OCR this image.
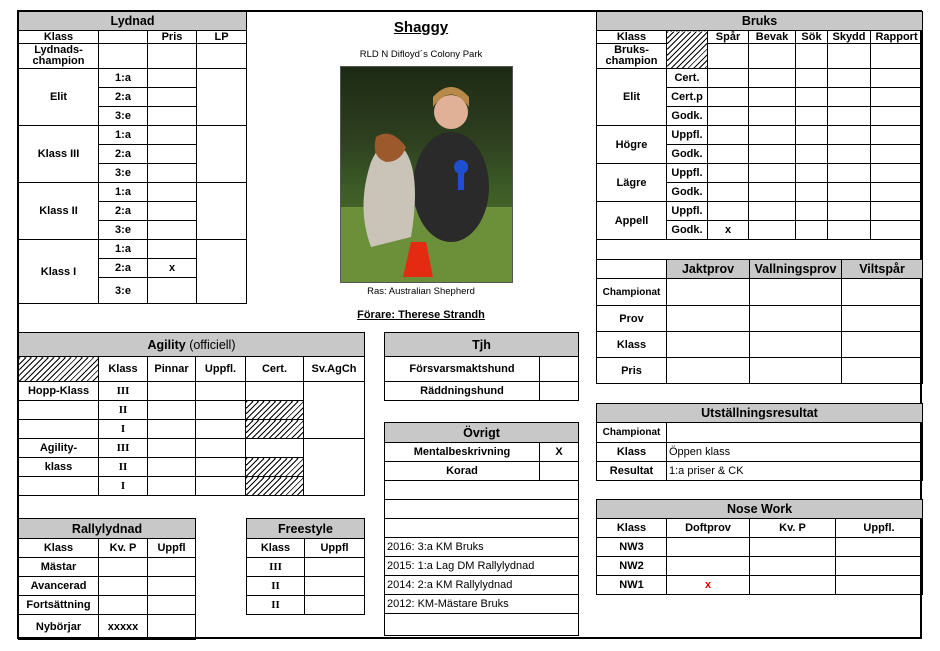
Lydnad			
Klass		Pris	LP
Lydnads-champion			
Elit	1:a		
	2:a		
	3:e		
Klass III	1:a		
	2:a		
	3:e		
Klass II	1:a		
	2:a		
	3:e		
Klass I	1:a		
	2:a	x	
	3:e		
Shaggy
RLD N Difloyd´s Colony Park
Ras: Australian Shepherd
Förare: Therese Strandh
Bruks						
Klass		Spår	Bevak	Sök	Skydd	Rapport
Bruks-champion						
Elit	Cert.					
	Cert.p					
	Godk.					
Högre	Uppfl.					
	Godk.					
Lägre	Uppfl.					
	Godk.					
Appell	Uppfl.					
	Godk.	x				

	Jaktprov	Vallningsprov	Viltspår
Championat			
Prov			
Klass			
Pris			
Agility (officiell)					
	Klass	Pinnar	Uppfl.	Cert.	Sv.AgCh
Hopp-Klass	III				
	II				
	I				
Agility-	III				
klass	II				
	I				
Tjh	
Försvarsmaktshund	
Räddningshund	
Övrigt	
Mentalbeskrivning	X
Korad	

2016: 3:a KM Bruks	
2015: 1:a Lag DM Rallylydnad	
2014: 2:a KM Rallylydnad	
2012: KM-Mästare Bruks	

Utställningsresultat	
Championat	
Klass	Öppen klass
Resultat	1:a priser & CK
Nose Work			
Klass	Doftprov	Kv. P	Uppfl.
NW3			
NW2			
NW1	x		
Rallylydnad		
Klass	Kv. P	Uppfl
Mästar		
Avancerad		
Fortsättning		
Nybörjar	xxxxx	
Freestyle	
Klass	Uppfl
III	
II	
II	
